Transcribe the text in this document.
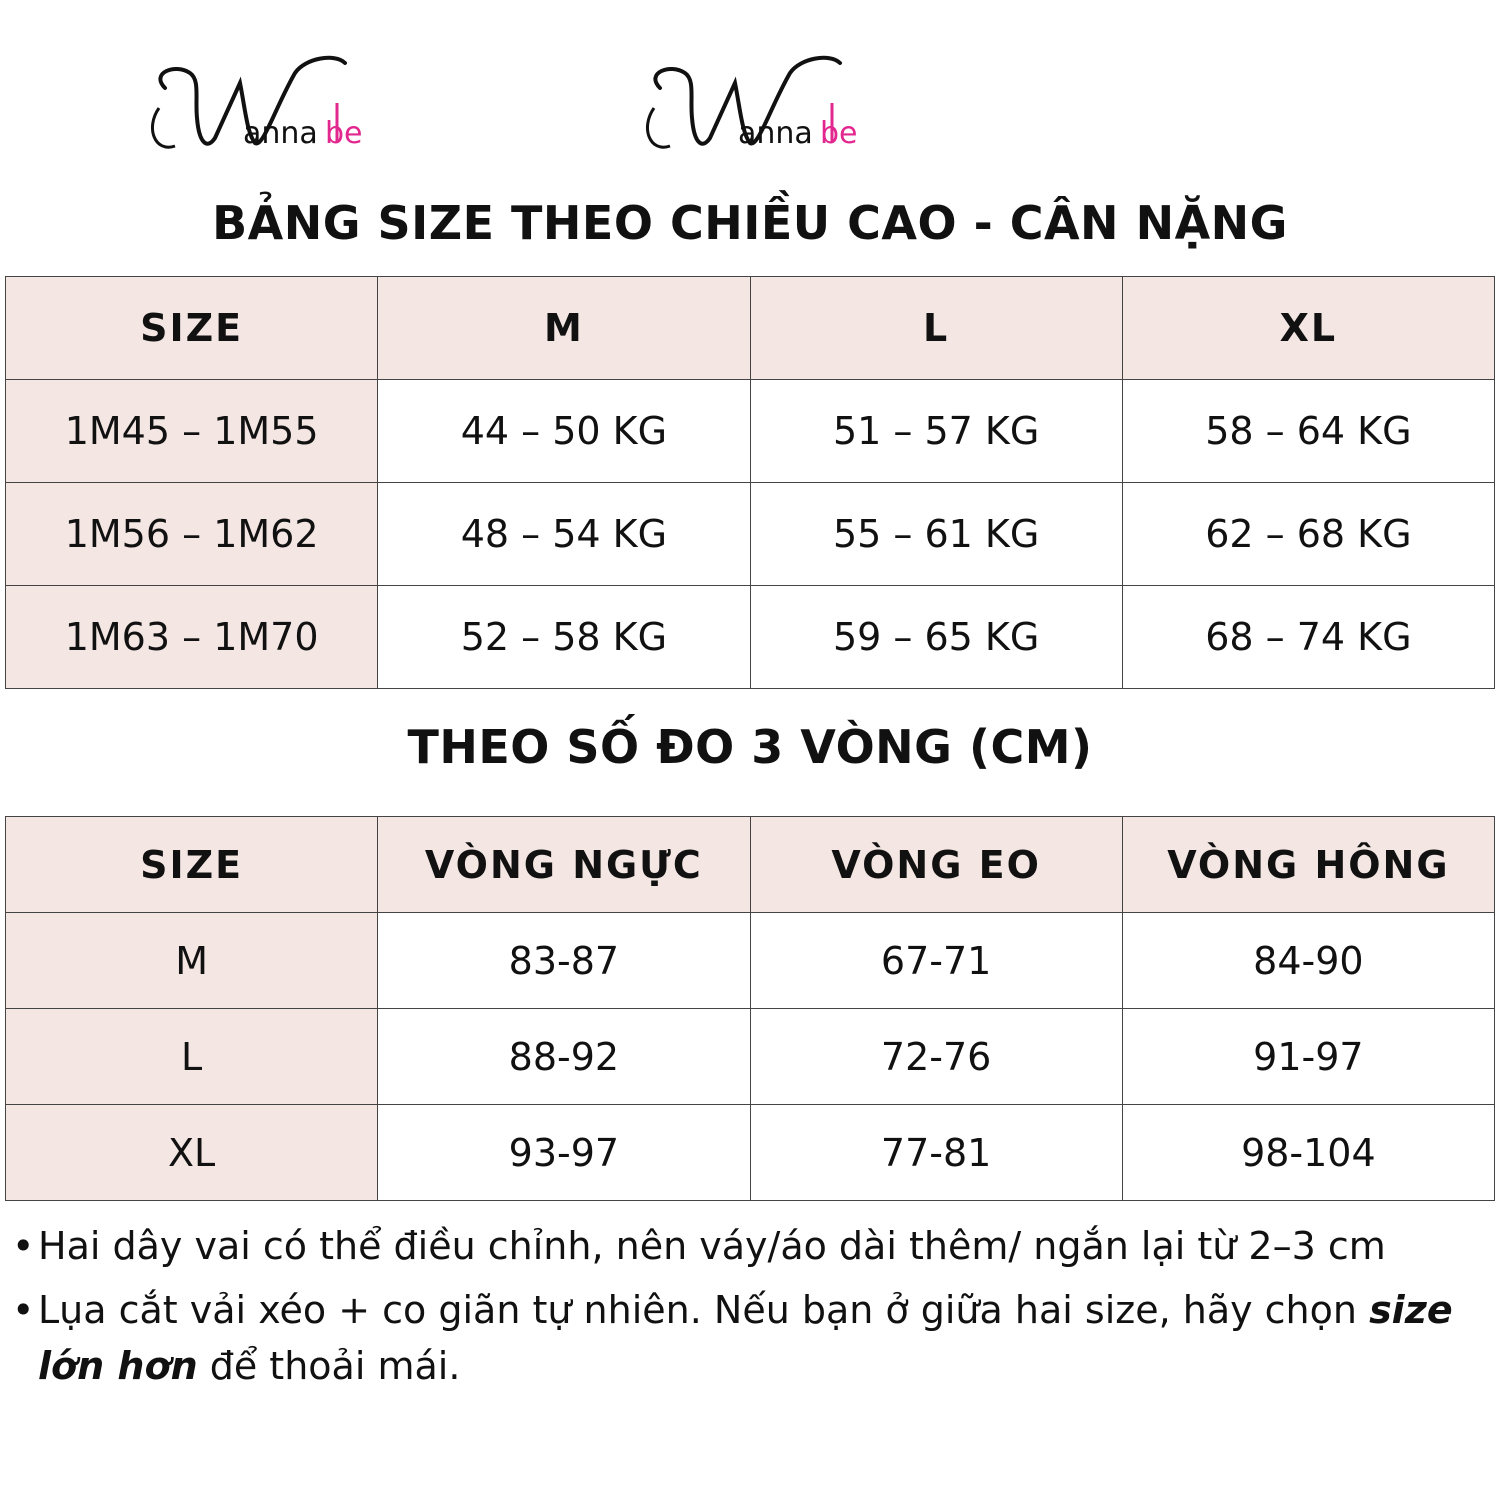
anna be	anna be
BẢNG SIZE THEO CHIỀU CAO - CÂN NẶNG
SIZE	M	L	XL
1M45 – 1M55	44 – 50 KG	51 – 57 KG	58 – 64 KG
1M56 – 1M62	48 – 54 KG	55 – 61 KG	62 – 68 KG
1M63 – 1M70	52 – 58 KG	59 – 65 KG	68 – 74 KG
THEO SỐ ĐO 3 VÒNG (CM)
SIZE	VÒNG NGỰC	VÒNG EO	VÒNG HÔNG
M	83-87	67-71	84-90
L	88-92	72-76	91-97
XL	93-97	77-81	98-104
• Hai dây vai có thể điều chỉnh, nên váy/áo dài thêm/ ngắn lại từ 2–3 cm
• Lụa cắt vải xéo + co giãn tự nhiên. Nếu bạn ở giữa hai size, hãy chọn size lớn hơn để thoải mái.
